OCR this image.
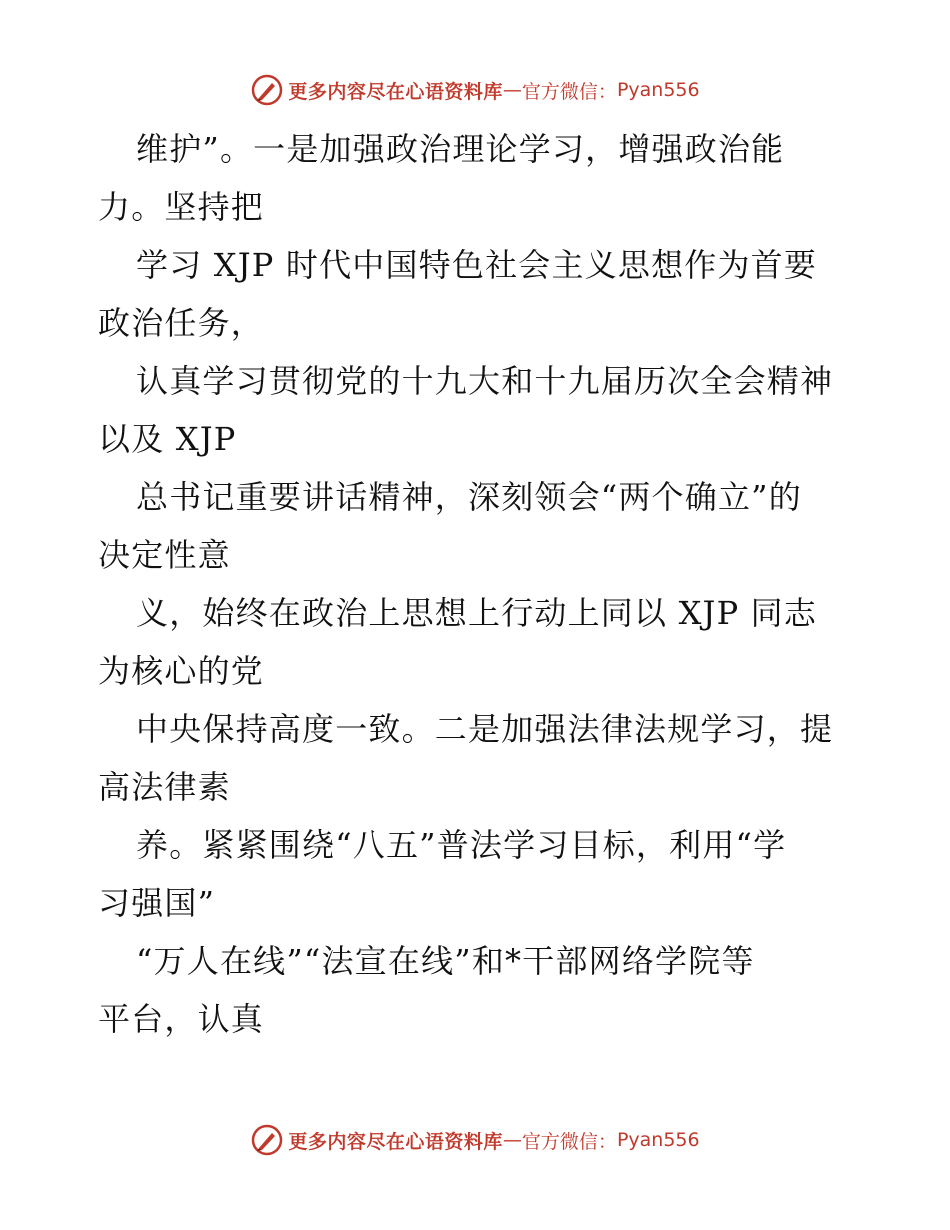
更多内容尽在心语资料库 — 官方微信： Pyan556
维护”。一是加强政治理论学习，增强政治能
力。坚持把
学习 XJP 时代中国特色社会主义思想作为首要
政治任务，
认真学习贯彻党的十九大和十九届历次全会精神
以及 XJP
总书记重要讲话精神，深刻领会“两个确立”的
决定性意
义，始终在政治上思想上行动上同以 XJP 同志
为核心的党
中央保持高度一致。二是加强法律法规学习，提
高法律素
养。紧紧围绕“八五”普法学习目标，利用“学
习强国”
“万人在线”“法宣在线”和*干部网络学院等
平台，认真
更多内容尽在心语资料库 — 官方微信： Pyan556
